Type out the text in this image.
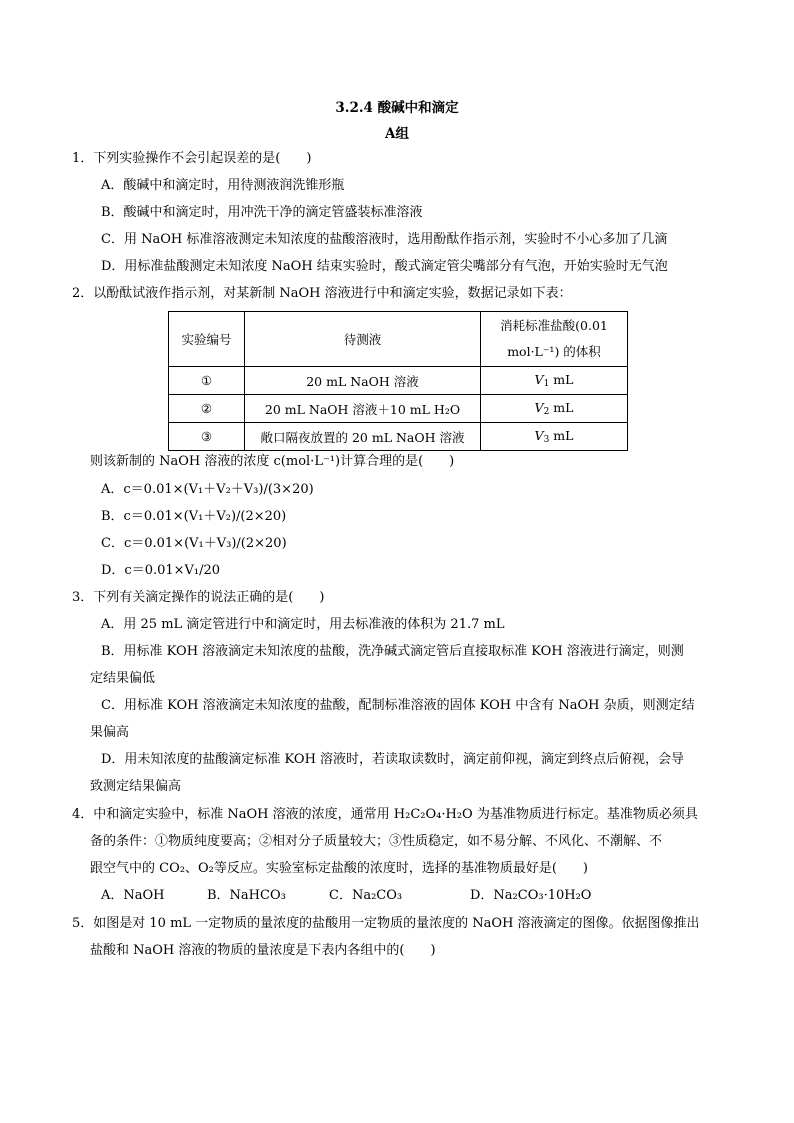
3.2.4 酸碱中和滴定
A组
1．下列实验操作不会引起误差的是(　　)
A．酸碱中和滴定时，用待测液润洗锥形瓶
B．酸碱中和滴定时，用冲洗干净的滴定管盛装标准溶液
C．用 NaOH 标准溶液测定未知浓度的盐酸溶液时，选用酚酞作指示剂，实验时不小心多加了几滴
D．用标准盐酸测定未知浓度 NaOH 结束实验时，酸式滴定管尖嘴部分有气泡，开始实验时无气泡
2．以酚酞试液作指示剂，对某新制 NaOH 溶液进行中和滴定实验，数据记录如下表：
实验编号	待测液	消耗标准盐酸(0.01
mol·L⁻¹) 的体积

①	20 mL NaOH 溶液	$V_1$ mL
②	20 mL NaOH 溶液＋10 mL H₂O	$V_2$ mL
③	敞口隔夜放置的 20 mL NaOH 溶液	$V_3$ mL
则该新制的 NaOH 溶液的浓度 c(mol·L⁻¹)计算合理的是(　　)
A．c＝0.01×(V₁＋V₂＋V₃)/(3×20)
B．c＝0.01×(V₁＋V₂)/(2×20)
C．c＝0.01×(V₁＋V₃)/(2×20)
D．c＝0.01×V₁/20
3．下列有关滴定操作的说法正确的是(　　)
A．用 25 mL 滴定管进行中和滴定时，用去标准液的体积为 21.7 mL
B．用标准 KOH 溶液滴定未知浓度的盐酸，洗净碱式滴定管后直接取标准 KOH 溶液进行滴定，则测
定结果偏低
C．用标准 KOH 溶液滴定未知浓度的盐酸，配制标准溶液的固体 KOH 中含有 NaOH 杂质，则测定结
果偏高
D．用未知浓度的盐酸滴定标准 KOH 溶液时，若读取读数时，滴定前仰视，滴定到终点后俯视，会导
致测定结果偏高
4．中和滴定实验中，标准 NaOH 溶液的浓度，通常用 H₂C₂O₄·H₂O 为基准物质进行标定。基准物质必须具
备的条件：①物质纯度要高；②相对分子质量较大；③性质稳定，如不易分解、不风化、不潮解、不
跟空气中的 CO₂、O₂等反应。实验室标定盐酸的浓度时，选择的基准物质最好是(　　)
A．NaOH	B．NaHCO₃	C．Na₂CO₃	D．Na₂CO₃·10H₂O
5．如图是对 10 mL 一定物质的量浓度的盐酸用一定物质的量浓度的 NaOH 溶液滴定的图像。依据图像推出
盐酸和 NaOH 溶液的物质的量浓度是下表内各组中的(　　)
